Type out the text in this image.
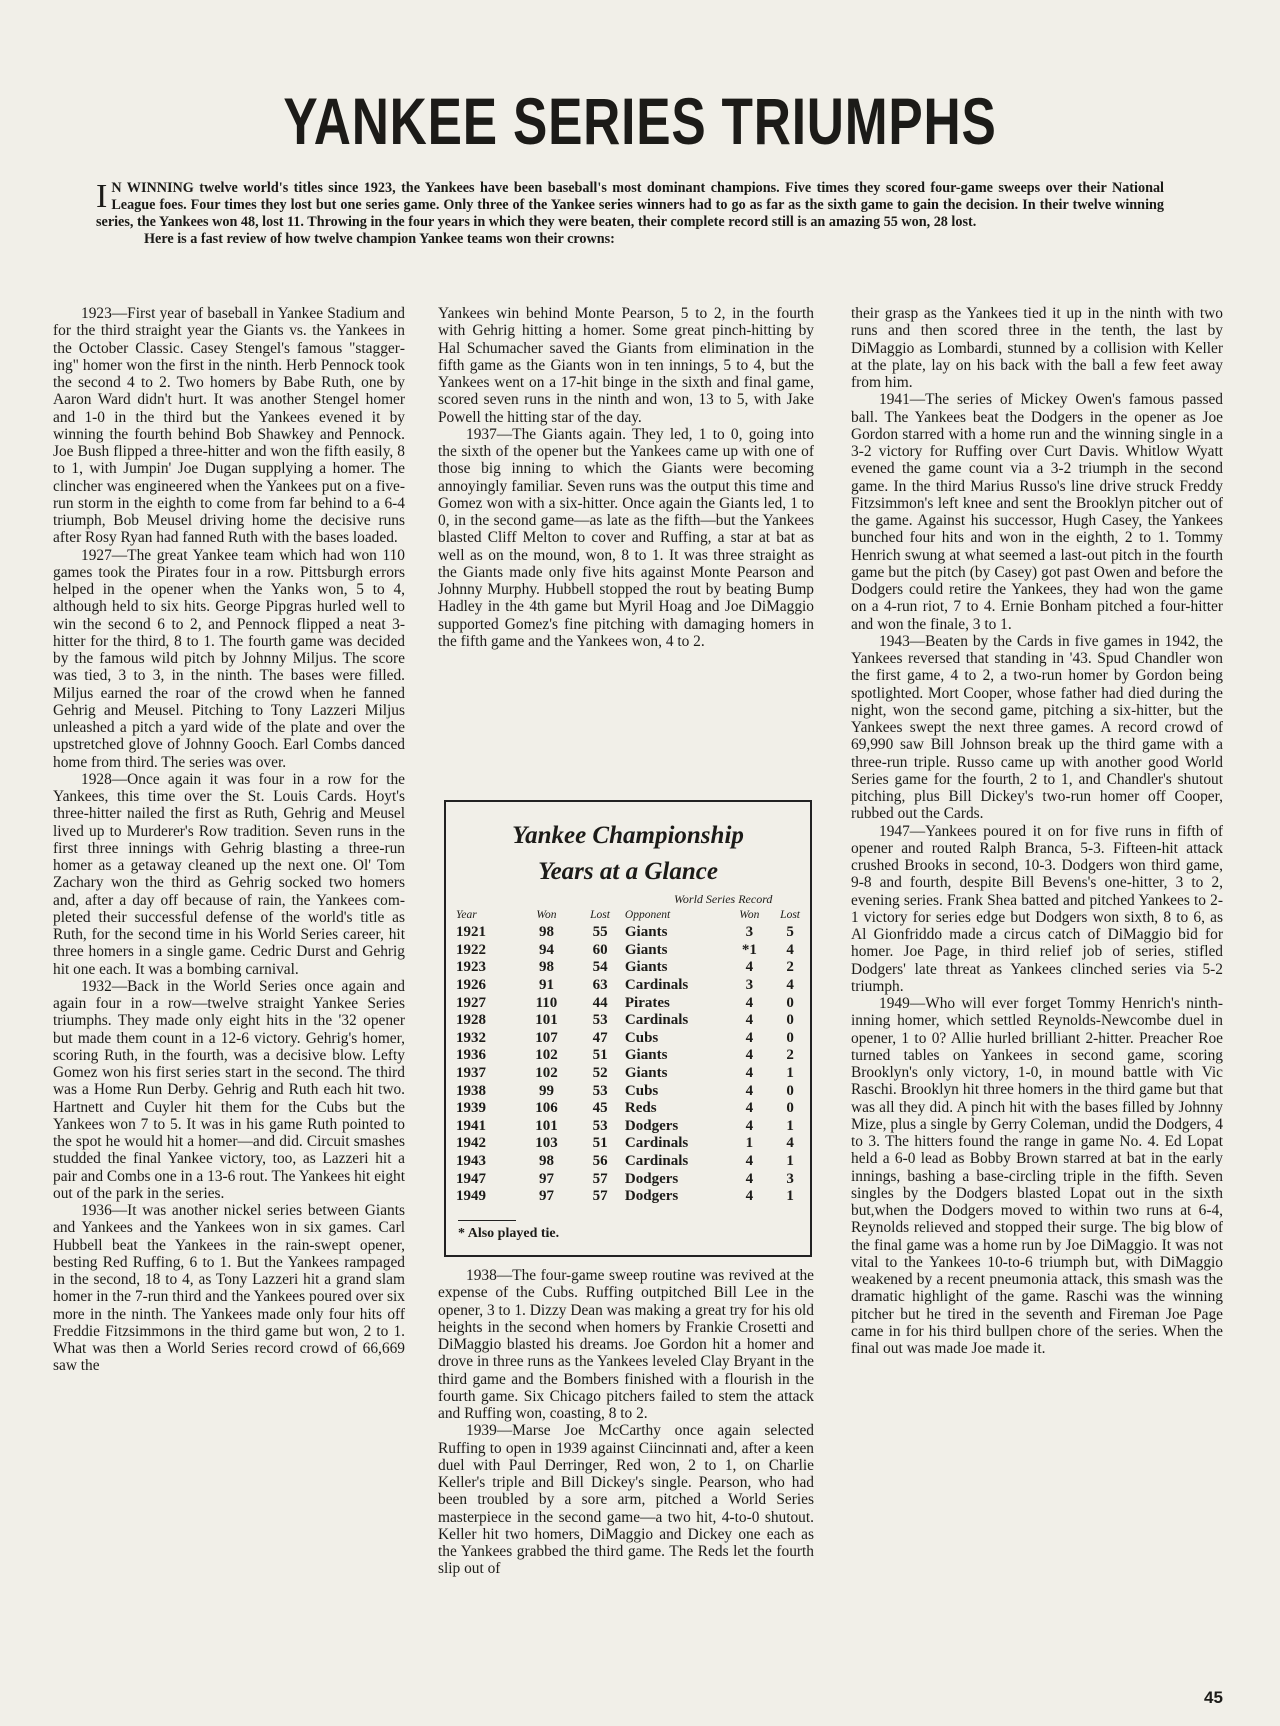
YANKEE SERIES TRIUMPHS

I N WINNING twelve world's titles since 1923, the Yankees have been baseball's most dominant champions. Five times they scored four-game sweeps over their National League foes. Four times they lost but one series game. Only three of the Yankee series winners had to go as far as the sixth game to gain the decision. In their twelve winning series, the Yankees won 48, lost 11. Throwing in the four years in which they were beaten, their complete record still is an amazing 55 won, 28 lost.

Here is a fast review of how twelve champion Yankee teams won their crowns:

1923—First year of baseball in Yankee Stadium and for the third straight year the Giants vs. the Yankees in the October Classic. Casey Stengel's famous "staggering" homer won the first in the ninth. Herb Pennock took the second 4 to 2. Two homers by Babe Ruth, one by Aaron Ward didn't hurt. It was another Stengel homer and 1-0 in the third but the Yankees evened it by winning the fourth behind Bob Shawkey and Pennock. Joe Bush flipped a three-hitter and won the fifth easily, 8 to 1, with Jumpin' Joe Dugan supplying a homer. The clincher was engineered when the Yankees put on a five-run storm in the eighth to come from far behind to a 6-4 triumph, Bob Meusel driving home the decisive runs after Rosy Ryan had fanned Ruth with the bases loaded.

1927—The great Yankee team which had won 110 games took the Pirates four in a row. Pittsburgh errors helped in the opener when the Yanks won, 5 to 4, although held to six hits. George Pipgras hurled well to win the second 6 to 2, and Pennock flipped a neat 3-hitter for the third, 8 to 1. The fourth game was decided by the famous wild pitch by Johnny Miljus. The score was tied, 3 to 3, in the ninth. The bases were filled. Miljus earned the roar of the crowd when he fanned Gehrig and Meusel. Pitching to Tony Lazzeri Miljus unleashed a pitch a yard wide of the plate and over the upstretched glove of Johnny Gooch. Earl Combs danced home from third. The series was over.

1928—Once again it was four in a row for the Yankees, this time over the St. Louis Cards. Hoyt's three-hitter nailed the first as Ruth, Gehrig and Meusel lived up to Murderer's Row tradition. Seven runs in the first three innings with Gehrig blasting a three-run homer as a getaway cleaned up the next one. Ol' Tom Zachary won the third as Gehrig socked two homers and, after a day off because of rain, the Yankees completed their successful defense of the world's title as Ruth, for the second time in his World Series career, hit three homers in a single game. Cedric Durst and Gehrig hit one each. It was a bombing carnival.

1932—Back in the World Series once again and again four in a row—twelve straight Yankee Series triumphs. They made only eight hits in the '32 opener but made them count in a 12-6 victory. Gehrig's homer, scoring Ruth, in the fourth, was a decisive blow. Lefty Gomez won his first series start in the second. The third was a Home Run Derby. Gehrig and Ruth each hit two. Hartnett and Cuyler hit them for the Cubs but the Yankees won 7 to 5. It was in his game Ruth pointed to the spot he would hit a homer—and did. Circuit smashes studded the final Yankee victory, too, as Lazzeri hit a pair and Combs one in a 13-6 rout. The Yankees hit eight out of the park in the series.

1936—It was another nickel series between Giants and Yankees and the Yankees won in six games. Carl Hubbell beat the Yankees in the rain-swept opener, besting Red Ruffing, 6 to 1. But the Yankees rampaged in the second, 18 to 4, as Tony Lazzeri hit a grand slam homer in the 7-run third and the Yankees poured over six more in the ninth. The Yankees made only four hits off Freddie Fitzsimmons in the third game but won, 2 to 1. What was then a World Series record crowd of 66,669 saw the

Yankees win behind Monte Pearson, 5 to 2, in the fourth with Gehrig hitting a homer. Some great pinch-hitting by Hal Schumacher saved the Giants from elimination in the fifth game as the Giants won in ten innings, 5 to 4, but the Yankees went on a 17-hit binge in the sixth and final game, scored seven runs in the ninth and won, 13 to 5, with Jake Powell the hitting star of the day.

1937—The Giants again. They led, 1 to 0, going into the sixth of the opener but the Yankees came up with one of those big inning to which the Giants were becoming annoyingly familiar. Seven runs was the output this time and Gomez won with a six-hitter. Once again the Giants led, 1 to 0, in the second game—as late as the fifth—but the Yankees blasted Cliff Melton to cover and Ruffing, a star at bat as well as on the mound, won, 8 to 1. It was three straight as the Giants made only five hits against Monte Pearson and Johnny Murphy. Hubbell stopped the rout by beating Bump Hadley in the 4th game but Myril Hoag and Joe DiMaggio supported Gomez's fine pitching with damaging homers in the fifth game and the Yankees won, 4 to 2.

1938—The four-game sweep routine was revived at the expense of the Cubs. Ruffing outpitched Bill Lee in the opener, 3 to 1. Dizzy Dean was making a great try for his old heights in the second when homers by Frankie Crosetti and DiMaggio blasted his dreams. Joe Gordon hit a homer and drove in three runs as the Yankees leveled Clay Bryant in the third game and the Bombers finished with a flourish in the fourth game. Six Chicago pitchers failed to stem the attack and Ruffing won, coasting, 8 to 2.

1939—Marse Joe McCarthy once again selected Ruffing to open in 1939 against Ciincinnati and, after a keen duel with Paul Derringer, Red won, 2 to 1, on Charlie Keller's triple and Bill Dickey's single. Pearson, who had been troubled by a sore arm, pitched a World Series masterpiece in the second game—a two hit, 4-to-0 shutout. Keller hit two homers, DiMaggio and Dickey one each as the Yankees grabbed the third game. The Reds let the fourth slip out of

their grasp as the Yankees tied it up in the ninth with two runs and then scored three in the tenth, the last by DiMaggio as Lombardi, stunned by a collision with Keller at the plate, lay on his back with the ball a few feet away from him.

1941—The series of Mickey Owen's famous passed ball. The Yankees beat the Dodgers in the opener as Joe Gordon starred with a home run and the winning single in a 3-2 victory for Ruffing over Curt Davis. Whitlow Wyatt evened the game count via a 3-2 triumph in the second game. In the third Marius Russo's line drive struck Freddy Fitzsimmon's left knee and sent the Brooklyn pitcher out of the game. Against his successor, Hugh Casey, the Yankees bunched four hits and won in the eighth, 2 to 1. Tommy Henrich swung at what seemed a last-out pitch in the fourth game but the pitch (by Casey) got past Owen and before the Dodgers could retire the Yankees, they had won the game on a 4-run riot, 7 to 4. Ernie Bonham pitched a four-hitter and won the finale, 3 to 1.

1943—Beaten by the Cards in five games in 1942, the Yankees reversed that standing in '43. Spud Chandler won the first game, 4 to 2, a two-run homer by Gordon being spotlighted. Mort Cooper, whose father had died during the night, won the second game, pitching a six-hitter, but the Yankees swept the next three games. A record crowd of 69,990 saw Bill Johnson break up the third game with a three-run triple. Russo came up with another good World Series game for the fourth, 2 to 1, and Chandler's shutout pitching, plus Bill Dickey's two-run homer off Cooper, rubbed out the Cards.

1947—Yankees poured it on for five runs in fifth of opener and routed Ralph Branca, 5-3. Fifteen-hit attack crushed Brooks in second, 10-3. Dodgers won third game, 9-8 and fourth, despite Bill Bevens's one-hitter, 3 to 2, evening series. Frank Shea batted and pitched Yankees to 2-1 victory for series edge but Dodgers won sixth, 8 to 6, as Al Gionfriddo made a circus catch of DiMaggio bid for homer. Joe Page, in third relief job of series, stifled Dodgers' late threat as Yankees clinched series via 5-2 triumph.

1949—Who will ever forget Tommy Henrich's ninth-inning homer, which settled Reynolds-Newcombe duel in opener, 1 to 0? Allie hurled brilliant 2-hitter. Preacher Roe turned tables on Yankees in second game, scoring Brooklyn's only victory, 1-0, in mound battle with Vic Raschi. Brooklyn hit three homers in the third game but that was all they did. A pinch hit with the bases filled by Johnny Mize, plus a single by Gerry Coleman, undid the Dodgers, 4 to 3. The hitters found the range in game No. 4. Ed Lopat held a 6-0 lead as Bobby Brown starred at bat in the early innings, bashing a base-circling triple in the fifth. Seven singles by the Dodgers blasted Lopat out in the sixth but,when the Dodgers moved to within two runs at 6-4, Reynolds relieved and stopped their surge. The big blow of the final game was a home run by Joe DiMaggio. It was not vital to the Yankees 10-to-6 triumph but, with DiMaggio weakened by a recent pneumonia attack, this smash was the dramatic highlight of the game. Raschi was the winning pitcher but he tired in the seventh and Fireman Joe Page came in for his third bullpen chore of the series. When the final out was made Joe made it.

Yankee Championship
Years at a Glance
World Series Record
Year	Won	Lost	Opponent	Won	Lost
1921	98	55	Giants	3	5
1922	94	60	Giants	*1	4
1923	98	54	Giants	4	2
1926	91	63	Cardinals	3	4
1927	110	44	Pirates	4	0
1928	101	53	Cardinals	4	0
1932	107	47	Cubs	4	0
1936	102	51	Giants	4	2
1937	102	52	Giants	4	1
1938	99	53	Cubs	4	0
1939	106	45	Reds	4	0
1941	101	53	Dodgers	4	1
1942	103	51	Cardinals	1	4
1943	98	56	Cardinals	4	1
1947	97	57	Dodgers	4	3
1949	97	57	Dodgers	4	1
* Also played tie.
45
